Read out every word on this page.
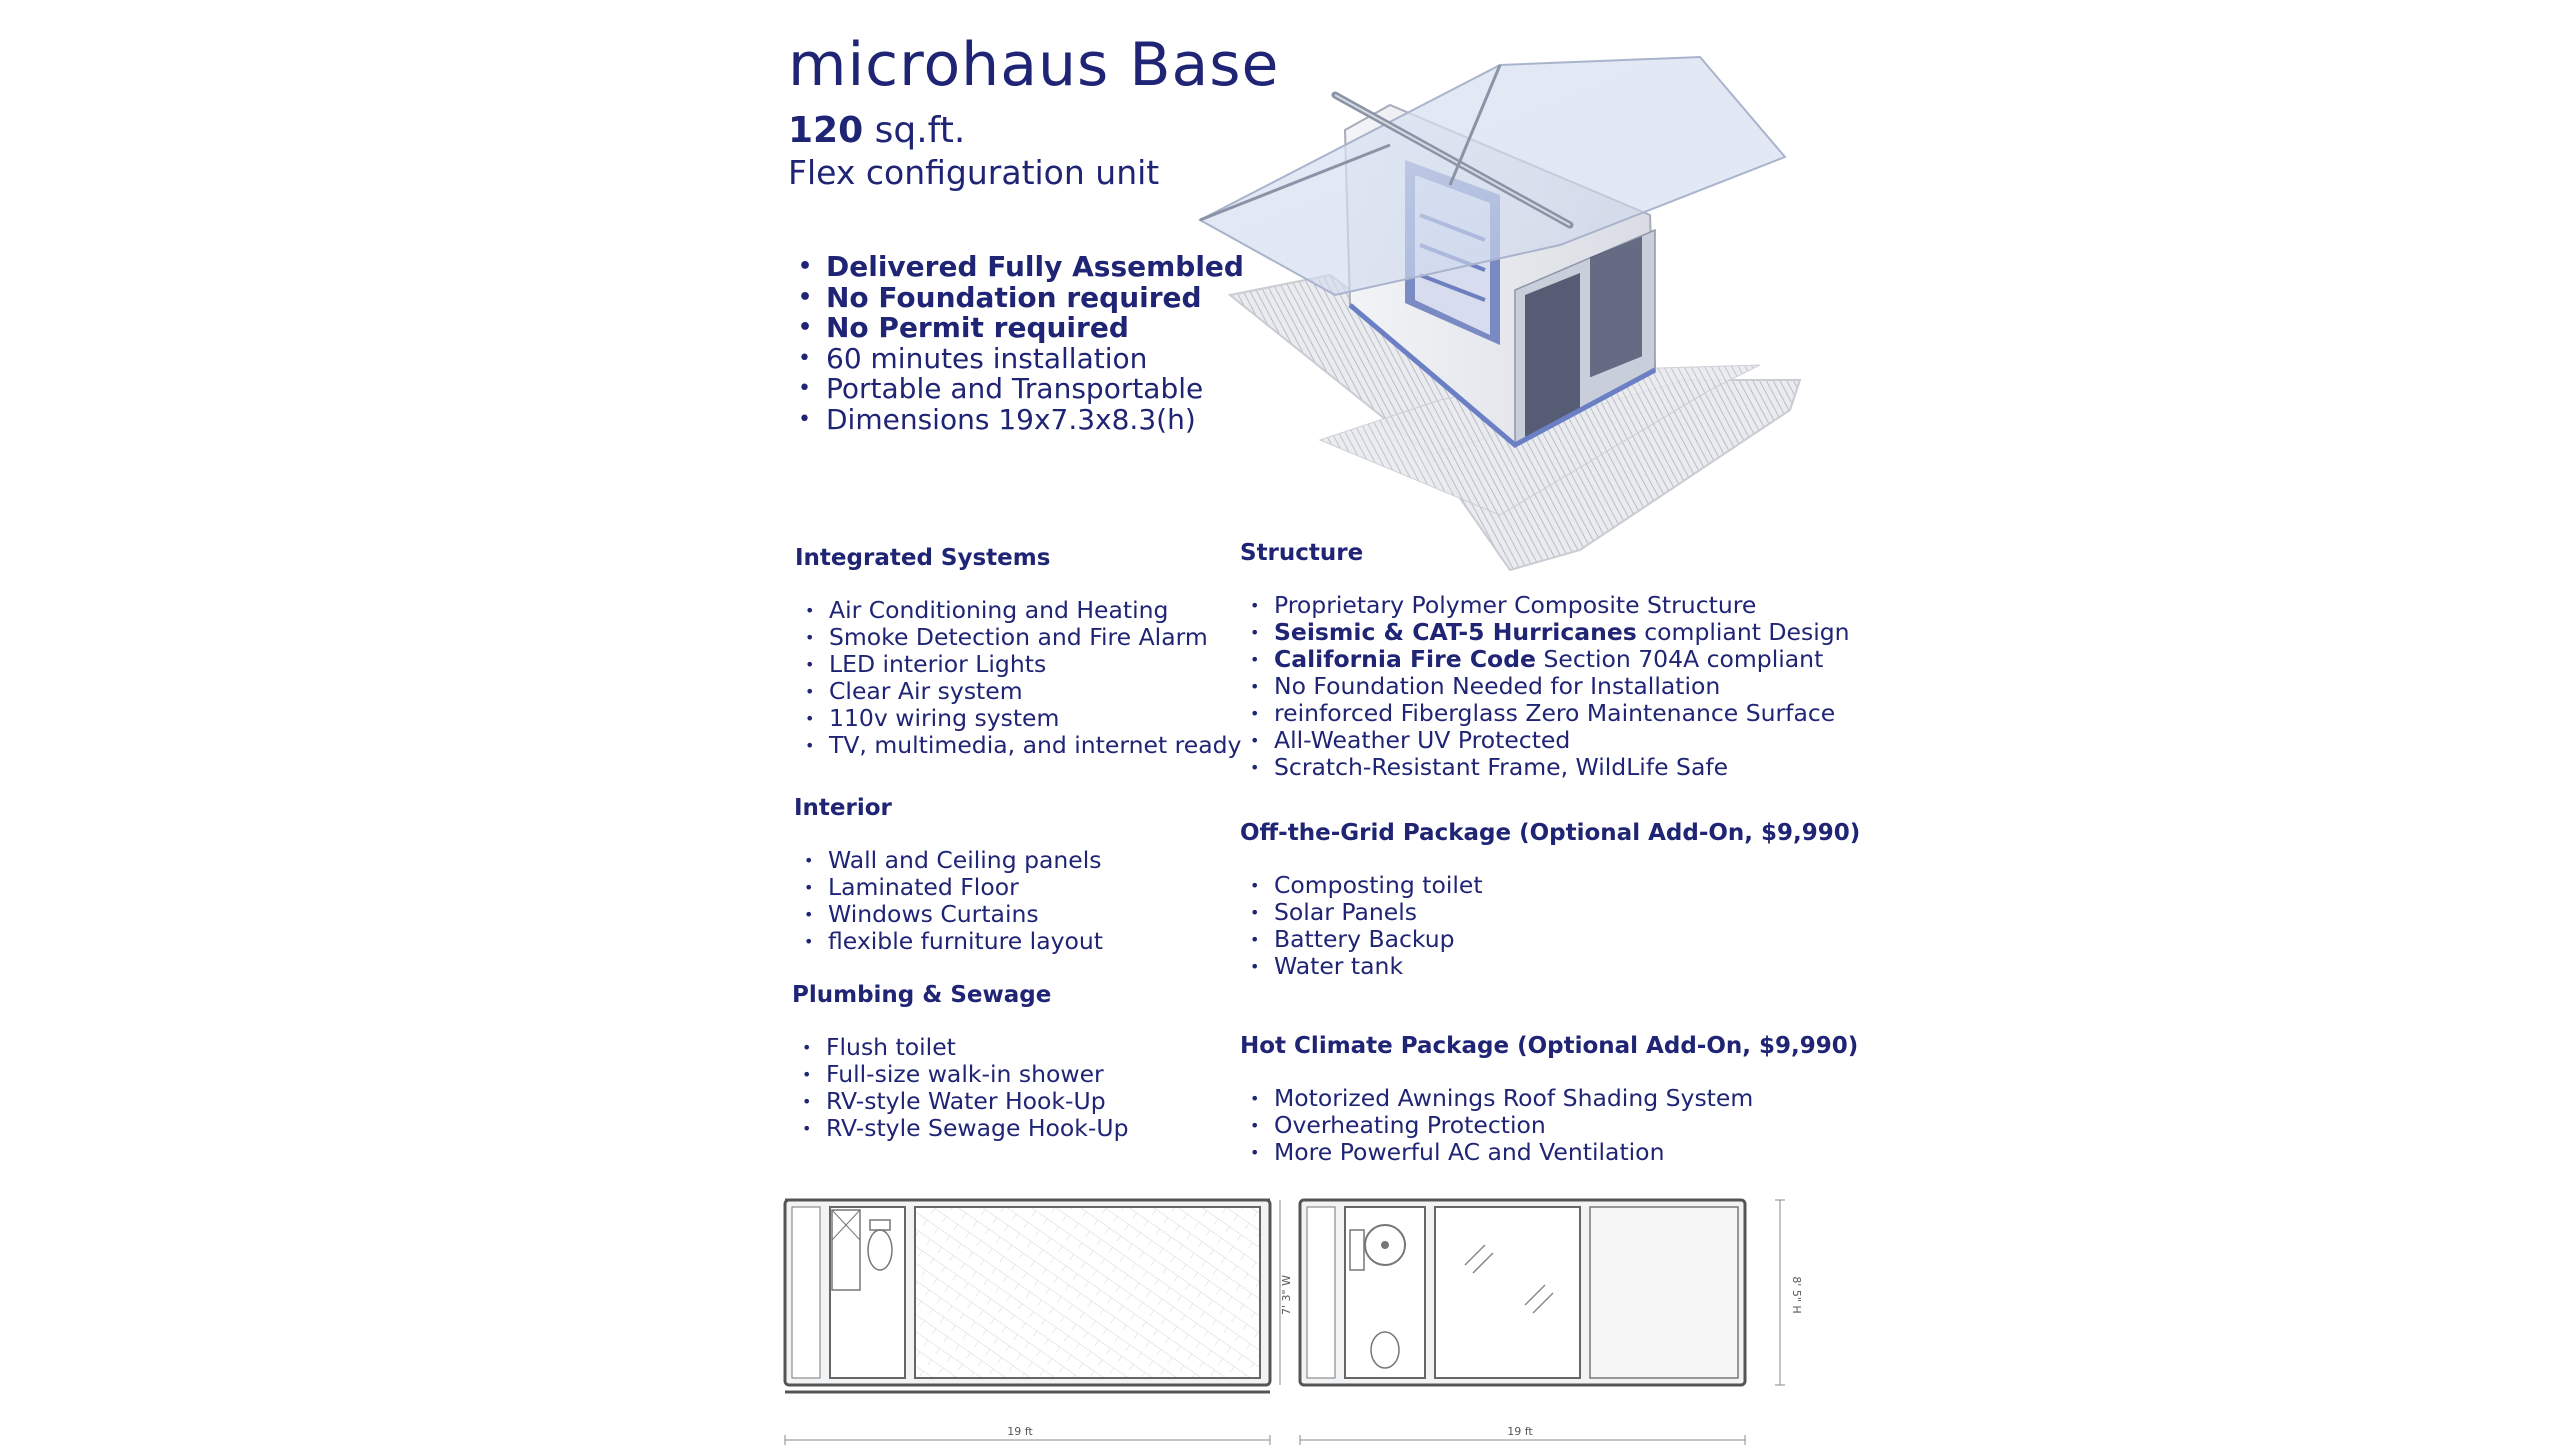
microhaus Base
120 sq.ft.
Flex configuration unit
• Delivered Fully Assembled
• No Foundation required
• No Permit required
• 60 minutes installation
• Portable and Transportable
• Dimensions 19x7.3x8.3(h)
Integrated Systems
• Air Conditioning and Heating
• Smoke Detection and Fire Alarm
• LED interior Lights
• Clear Air system
• 110v wiring system
• TV, multimedia, and internet ready
Interior
• Wall and Ceiling panels
• Laminated Floor
• Windows Curtains
• flexible furniture layout
Plumbing & Sewage
• Flush toilet
• Full-size walk-in shower
• RV-style Water Hook-Up
• RV-style Sewage Hook-Up
Structure
• Proprietary Polymer Composite Structure
• Seismic & CAT-5 Hurricanes compliant Design
• California Fire Code Section 704A compliant
• No Foundation Needed for Installation
• reinforced Fiberglass Zero Maintenance Surface
• All-Weather UV Protected
• Scratch-Resistant Frame, WildLife Safe
Off-the-Grid Package (Optional Add-On, $9,990)
• Composting toilet
• Solar Panels
• Battery Backup
• Water tank
Hot Climate Package (Optional Add-On, $9,990)
• Motorized Awnings Roof Shading System
• Overheating Protection
• More Powerful AC and Ventilation
19 ft
7' 3" W
19 ft
8' 5" H
